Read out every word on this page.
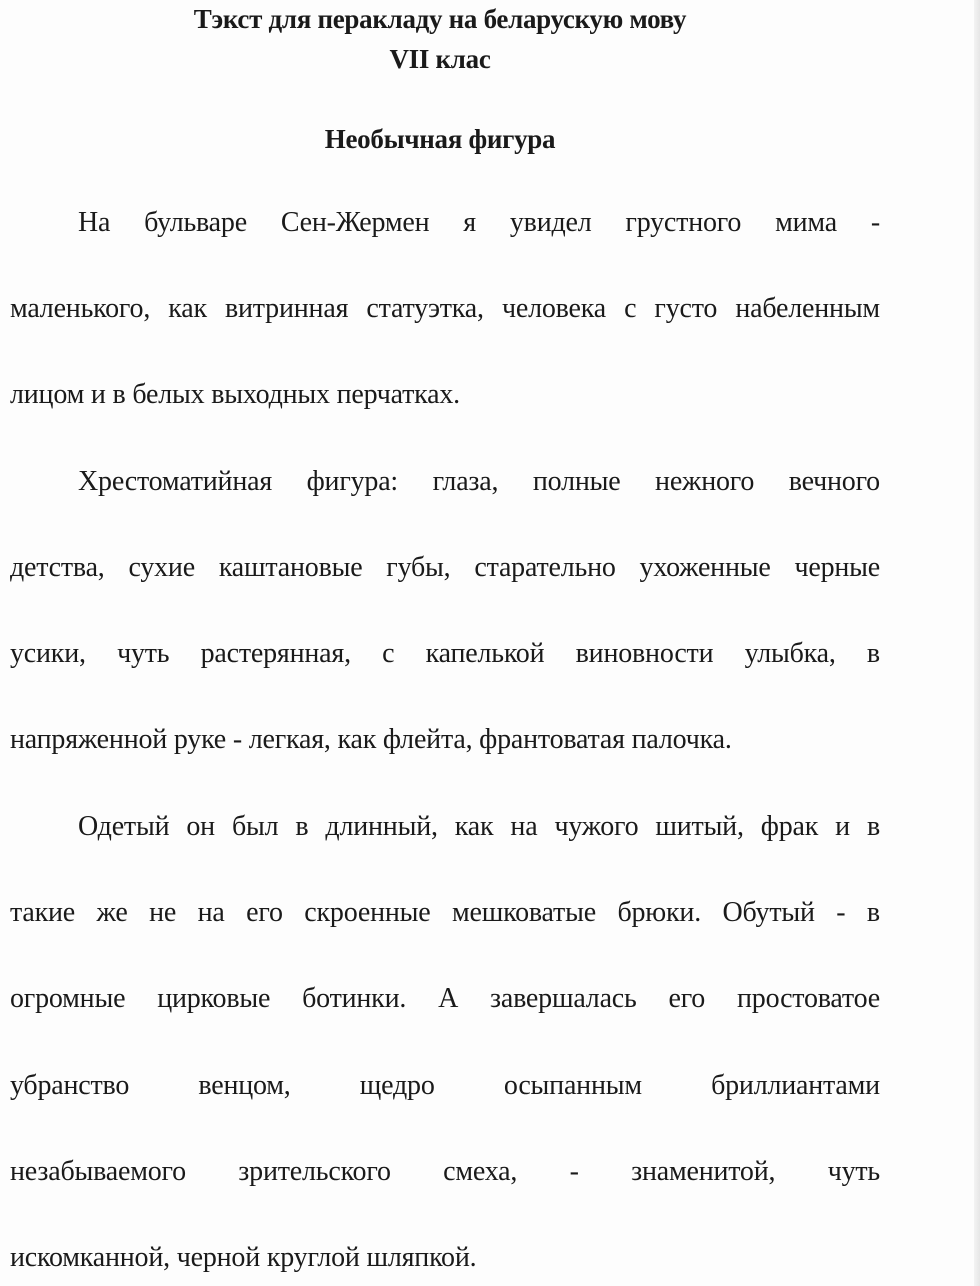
Тэкст для перакладу на беларускую мову
VII клас
Необычная фигура
На бульваре Сен-Жермен я увидел грустного мима -
маленького, как витринная статуэтка, человека с густо набеленным
лицом и в белых выходных перчатках.
Хрестоматийная фигура: глаза, полные нежного вечного
детства, сухие каштановые губы, старательно ухоженные черные
усики, чуть растерянная, с капелькой виновности улыбка, в
напряженной руке - легкая, как флейта, франтоватая палочка.
Одетый он был в длинный, как на чужого шитый, фрак и в
такие же не на его скроенные мешковатые брюки. Обутый - в
огромные цирковые ботинки. А завершалась его простоватое
убранство венцом, щедро осыпанным бриллиантами
незабываемого зрительского смеха, - знаменитой, чуть
искомканной, черной круглой шляпкой.
